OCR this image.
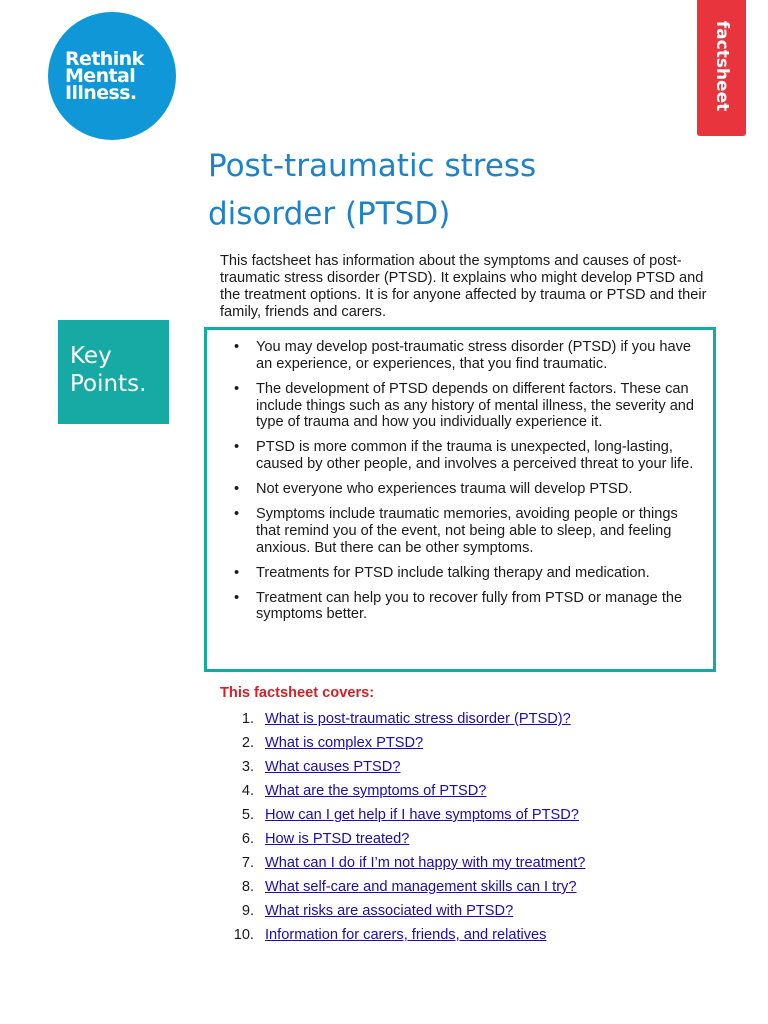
Rethink
Mental
Illness.	factsheet
Post-traumatic stress
disorder (PTSD)

This factsheet has information about the symptoms and causes of post-traumatic stress disorder (PTSD). It explains who might develop PTSD and the treatment options. It is for anyone affected by trauma or PTSD and their family, friends and carers.

Key
Points.
• You may develop post-traumatic stress disorder (PTSD) if you have an experience, or experiences, that you find traumatic.
• The development of PTSD depends on different factors. These can include things such as any history of mental illness, the severity and type of trauma and how you individually experience it.
• PTSD is more common if the trauma is unexpected, long-lasting, caused by other people, and involves a perceived threat to your life.
• Not everyone who experiences trauma will develop PTSD.
• Symptoms include traumatic memories, avoiding people or things that remind you of the event, not being able to sleep, and feeling anxious. But there can be other symptoms.
• Treatments for PTSD include talking therapy and medication.
• Treatment can help you to recover fully from PTSD or manage the symptoms better.

This factsheet covers:

1. What is post-traumatic stress disorder (PTSD)?
2. What is complex PTSD?
3. What causes PTSD?
4. What are the symptoms of PTSD?
5. How can I get help if I have symptoms of PTSD?
6. How is PTSD treated?
7. What can I do if I’m not happy with my treatment?
8. What self-care and management skills can I try?
9. What risks are associated with PTSD?
10. Information for carers, friends, and relatives
